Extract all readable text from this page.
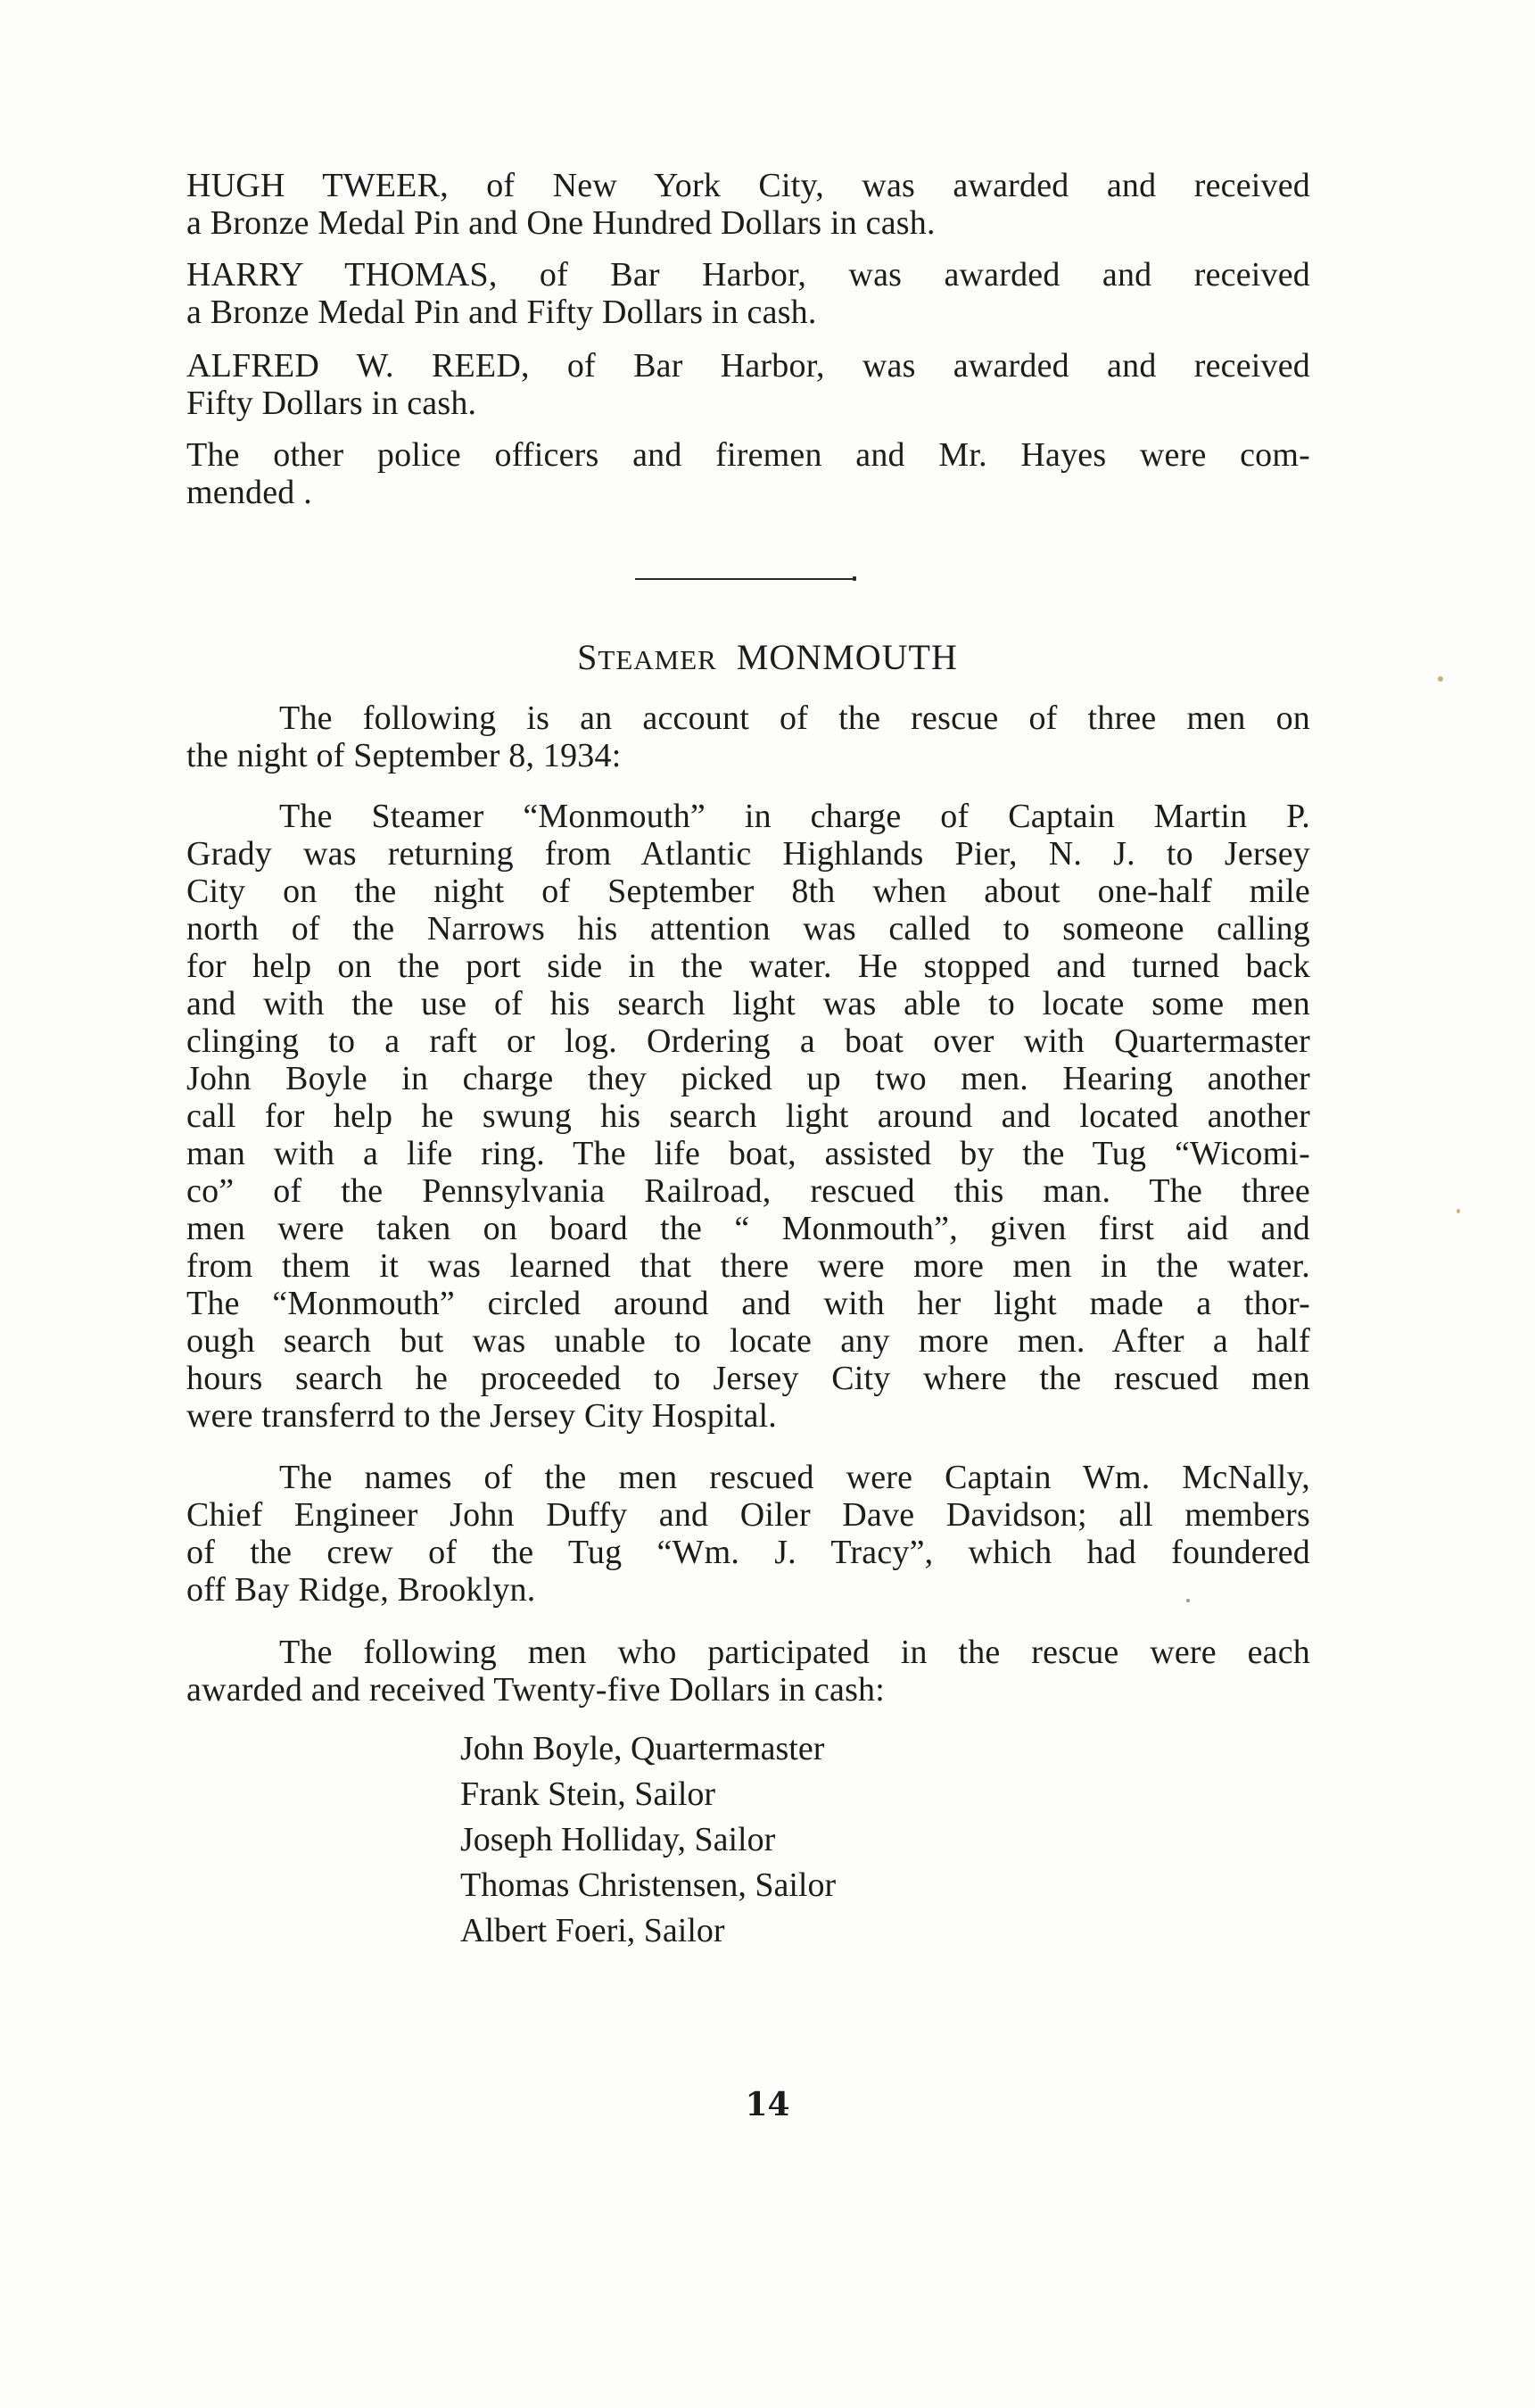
HUGH TWEER, of New York City, was awarded and received
a Bronze Medal Pin and One Hundred Dollars in cash.
HARRY THOMAS, of Bar Harbor, was awarded and received
a Bronze Medal Pin and Fifty Dollars in cash.
ALFRED W. REED, of Bar Harbor, was awarded and received
Fifty Dollars in cash.
The other police officers and firemen and Mr. Hayes were com-
mended .
STEAMER MONMOUTH
The following is an account of the rescue of three men on
the night of September 8, 1934:
The Steamer “Monmouth” in charge of Captain Martin P.
Grady was returning from Atlantic Highlands Pier, N. J. to Jersey
City on the night of September 8th when about one-half mile
north of the Narrows his attention was called to someone calling
for help on the port side in the water. He stopped and turned back
and with the use of his search light was able to locate some men
clinging to a raft or log. Ordering a boat over with Quartermaster
John Boyle in charge they picked up two men. Hearing another
call for help he swung his search light around and located another
man with a life ring. The life boat, assisted by the Tug “Wicomi-
co” of the Pennsylvania Railroad, rescued this man. The three
men were taken on board the “ Monmouth”, given first aid and
from them it was learned that there were more men in the water.
The “Monmouth” circled around and with her light made a thor-
ough search but was unable to locate any more men. After a half
hours search he proceeded to Jersey City where the rescued men
were transferrd to the Jersey City Hospital.
The names of the men rescued were Captain Wm. McNally,
Chief Engineer John Duffy and Oiler Dave Davidson; all members
of the crew of the Tug “Wm. J. Tracy”, which had foundered
off Bay Ridge, Brooklyn.
The following men who participated in the rescue were each
awarded and received Twenty-five Dollars in cash:
John Boyle, Quartermaster
Frank Stein, Sailor
Joseph Holliday, Sailor
Thomas Christensen, Sailor
Albert Foeri, Sailor
14
